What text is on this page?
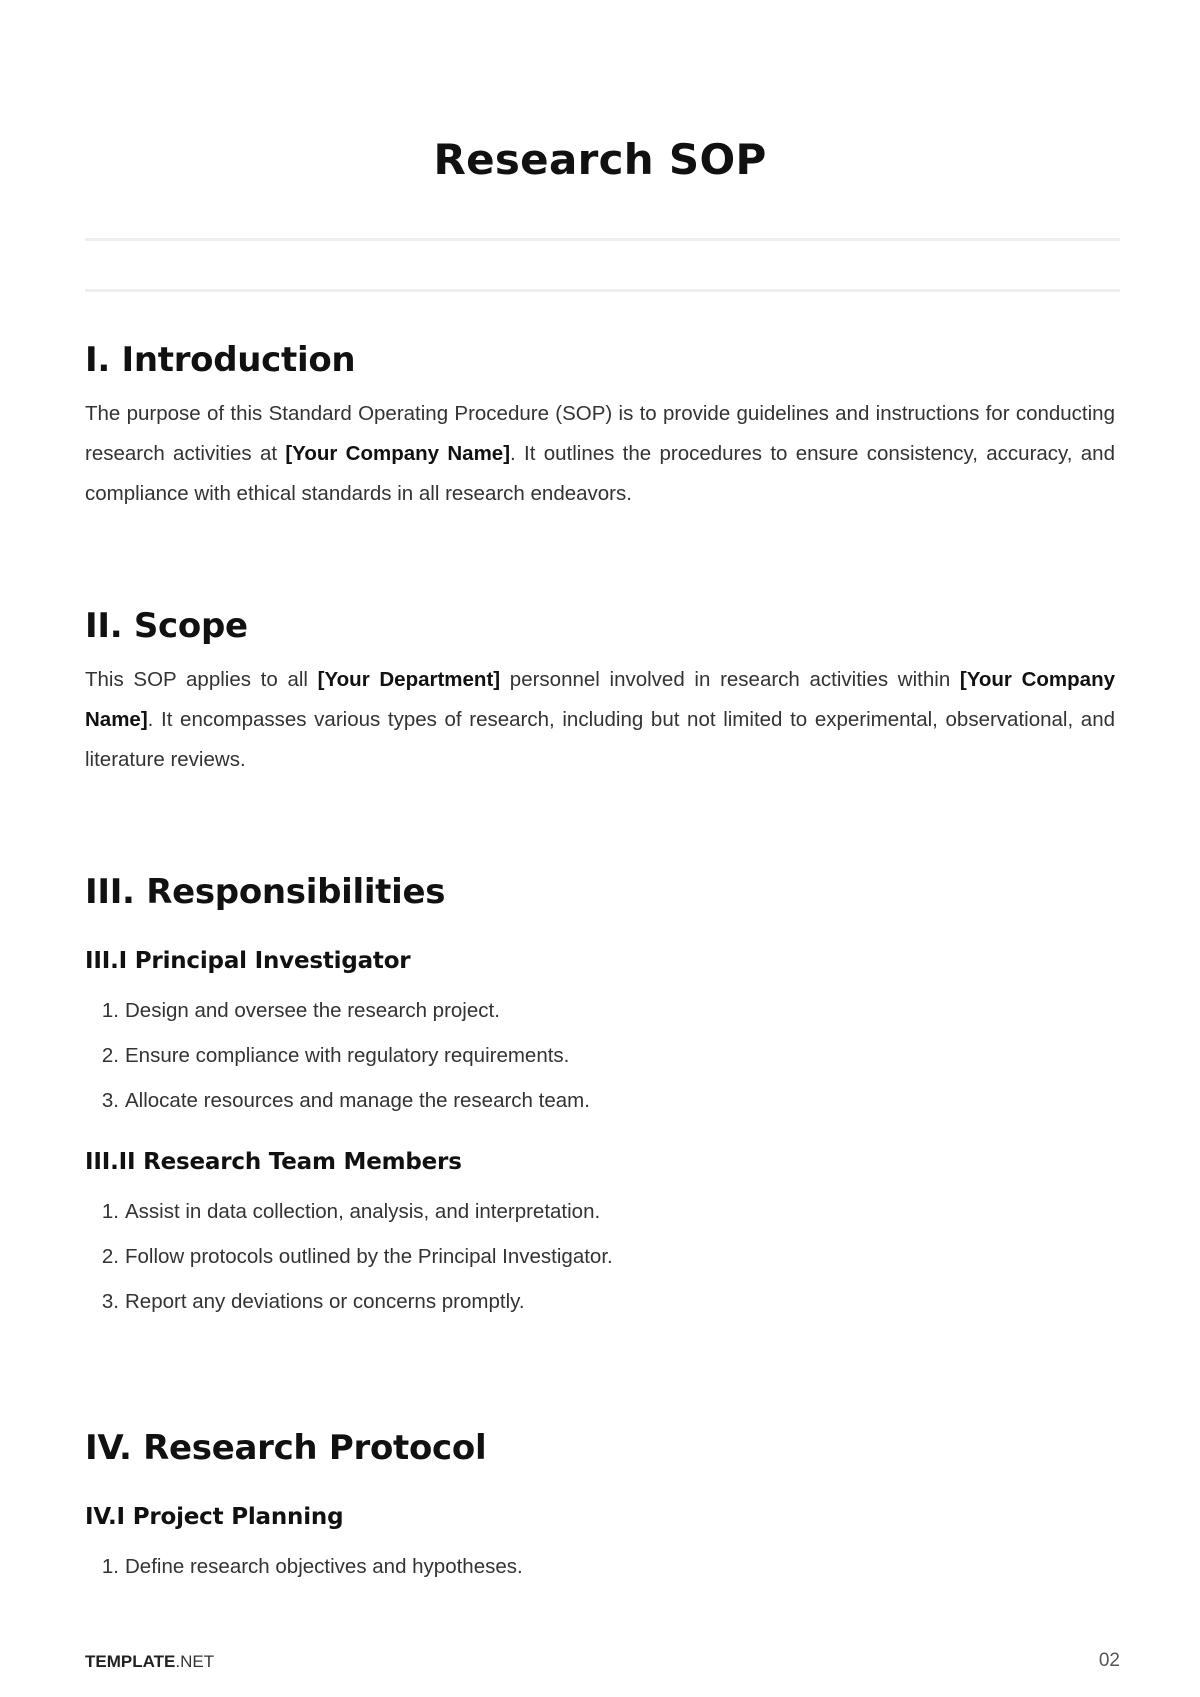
Research SOP
I. Introduction

The purpose of this Standard Operating Procedure (SOP) is to provide guidelines and instructions for conducting research activities at [Your Company Name]. It outlines the procedures to ensure consistency, accuracy, and compliance with ethical standards in all research endeavors.

II. Scope

This SOP applies to all [Your Department] personnel involved in research activities within [Your Company Name]. It encompasses various types of research, including but not limited to experimental, observational, and literature reviews.

III. Responsibilities
III.I Principal Investigator
1. Design and oversee the research project.
2. Ensure compliance with regulatory requirements.
3. Allocate resources and manage the research team.
III.II Research Team Members
1. Assist in data collection, analysis, and interpretation.
2. Follow protocols outlined by the Principal Investigator.
3. Report any deviations or concerns promptly.
IV. Research Protocol
IV.I Project Planning
1. Define research objectives and hypotheses.
TEMPLATE.NET	02
